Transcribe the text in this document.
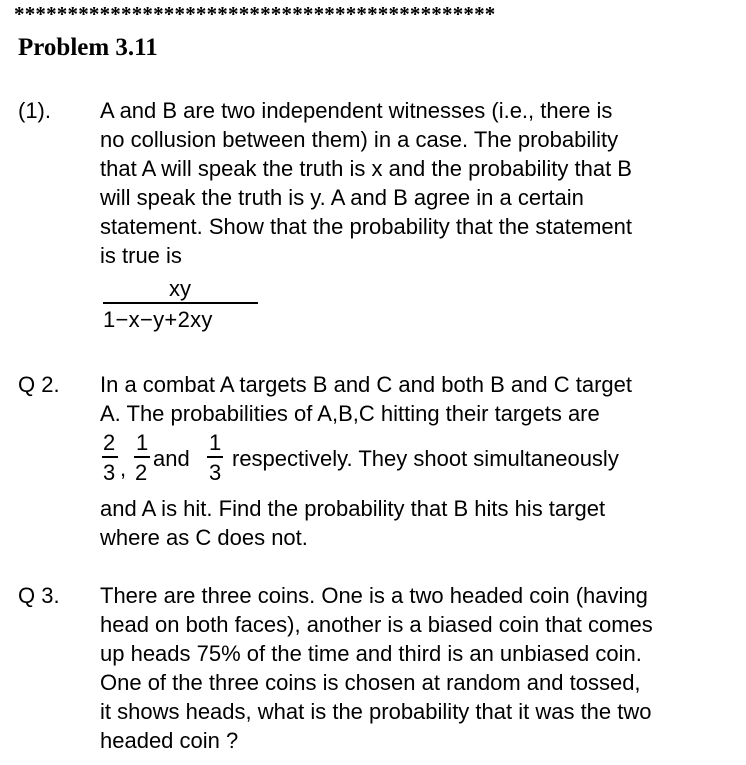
*********************************************
Problem 3.11
(1). A and B are two independent witnesses (i.e., there is
no collusion between them) in a case. The probability
that A will speak the truth is x and the probability that B
will speak the truth is y. A and B agree in a certain
statement. Show that the probability that the statement
is true is
xy
1−x−y+2xy
Q 2. In a combat A targets B and C and both B and C target
A. The probabilities of A,B,C hitting their targets are
2
3 ,
1
2
and
1
3
respectively. They shoot simultaneously
and A is hit. Find the probability that B hits his target
where as C does not.
Q 3. There are three coins. One is a two headed coin (having
head on both faces), another is a biased coin that comes
up heads 75% of the time and third is an unbiased coin.
One of the three coins is chosen at random and tossed,
it shows heads, what is the probability that it was the two
headed coin ?
